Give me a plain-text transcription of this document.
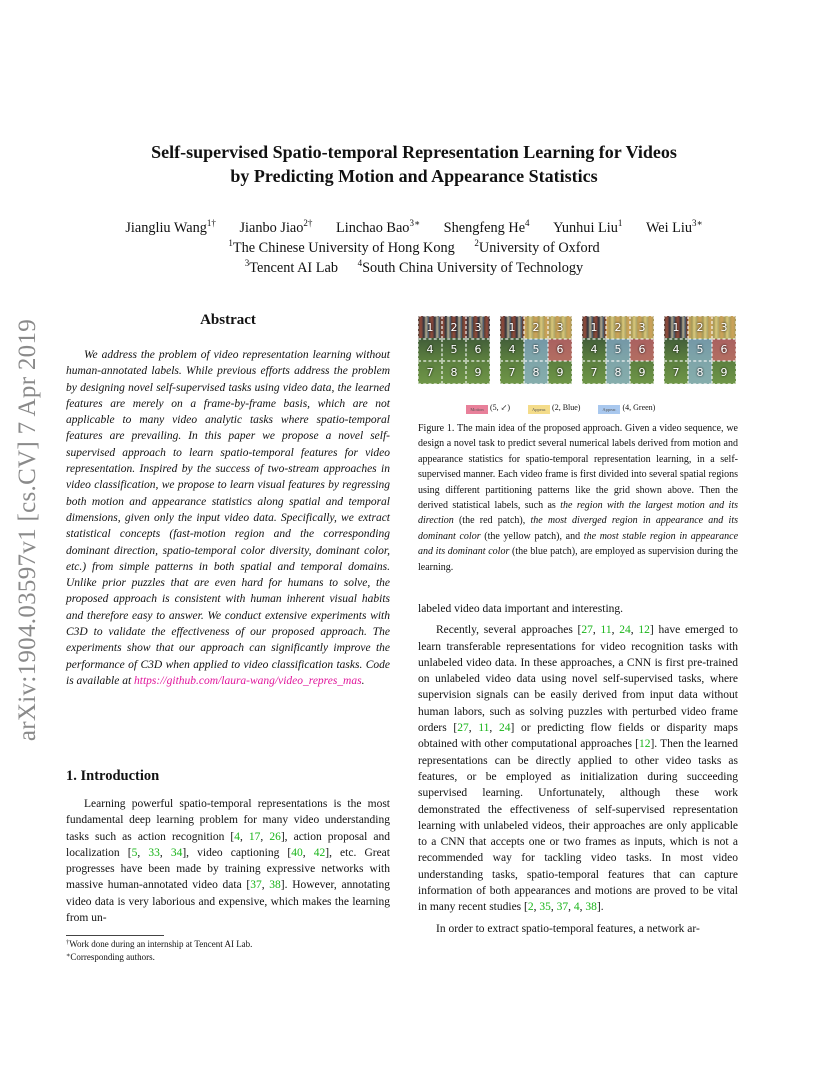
arXiv:1904.03597v1 [cs.CV] 7 Apr 2019
Self-supervised Spatio-temporal Representation Learning for Videos
by Predicting Motion and Appearance Statistics
Jiangliu Wang$^{1\dagger}$ Jianbo Jiao$^{2\dagger}$ Linchao Bao$^{3∗}$ Shengfeng He$^4$ Yunhui Liu$^1$ Wei Liu$^{3∗}$
$^1$The Chinese University of Hong Kong $^2$University of Oxford
$^3$Tencent AI Lab $^4$South China University of Technology
Abstract
We address the problem of video representation learning without human-annotated labels. While previous efforts address the problem by designing novel self-supervised tasks using video data, the learned features are merely on a frame-by-frame basis, which are not applicable to many video analytic tasks where spatio-temporal features are prevailing. In this paper we propose a novel self-supervised approach to learn spatio-temporal features for video representation. Inspired by the success of two-stream approaches in video classification, we propose to learn visual features by regressing both motion and appearance statistics along spatial and temporal dimensions, given only the input video data. Specifically, we extract statistical concepts (fast-motion region and the corresponding dominant direction, spatio-temporal color diversity, dominant color, etc.) from simple patterns in both spatial and temporal domains. Unlike prior puzzles that are even hard for humans to solve, the proposed approach is consistent with human inherent visual habits and therefore easy to answer. We conduct extensive experiments with C3D to validate the effectiveness of our proposed approach. The experiments show that our approach can significantly improve the performance of C3D when applied to video classification tasks. Code is available at https://github.com/laura-wang/video_repres_mas.
1. Introduction
Learning powerful spatio-temporal representations is the most fundamental deep learning problem for many video understanding tasks such as action recognition [4, 17, 26], action proposal and localization [5, 33, 34], video captioning [40, 42], etc. Great progresses have been made by training expressive networks with massive human-annotated video data [37, 38]. However, annotating video data is very laborious and expensive, which makes the learning from un-
†Work done during an internship at Tencent AI Lab.
∗Corresponding authors.
1	2	3
4	5	6
7	8	9
1	2	3
4	5	6
7	8	9
1	2	3
4	5	6
7	8	9
1	2	3
4	5	6
7	8	9
Motion (5, ↙)	Appear. (2, Blue)	Appear. (4, Green)
Figure 1. The main idea of the proposed approach. Given a video sequence, we design a novel task to predict several numerical labels derived from motion and appearance statistics for spatio-temporal representation learning, in a self-supervised manner. Each video frame is first divided into several spatial regions using different partitioning patterns like the grid shown above. Then the derived statistical labels, such as the region with the largest motion and its direction (the red patch), the most diverged region in appearance and its dominant color (the yellow patch), and the most stable region in appearance and its dominant color (the blue patch), are employed as supervision during the learning.

labeled video data important and interesting.

Recently, several approaches [27, 11, 24, 12] have emerged to learn transferable representations for video recognition tasks with unlabeled video data. In these approaches, a CNN is first pre-trained on unlabeled video data using novel self-supervised tasks, where supervision signals can be easily derived from input data without human labors, such as solving puzzles with perturbed video frame orders [27, 11, 24] or predicting flow fields or disparity maps obtained with other computational approaches [12]. Then the learned representations can be directly applied to other video tasks as features, or be employed as initialization during succeeding supervised learning. Unfortunately, although these work demonstrated the effectiveness of self-supervised representation learning with unlabeled videos, their approaches are only applicable to a CNN that accepts one or two frames as inputs, which is not a recommended way for tackling video tasks. In most video understanding tasks, spatio-temporal features that can capture information of both appearances and motions are proved to be vital in many recent studies [2, 35, 37, 4, 38].

In order to extract spatio-temporal features, a network ar-
